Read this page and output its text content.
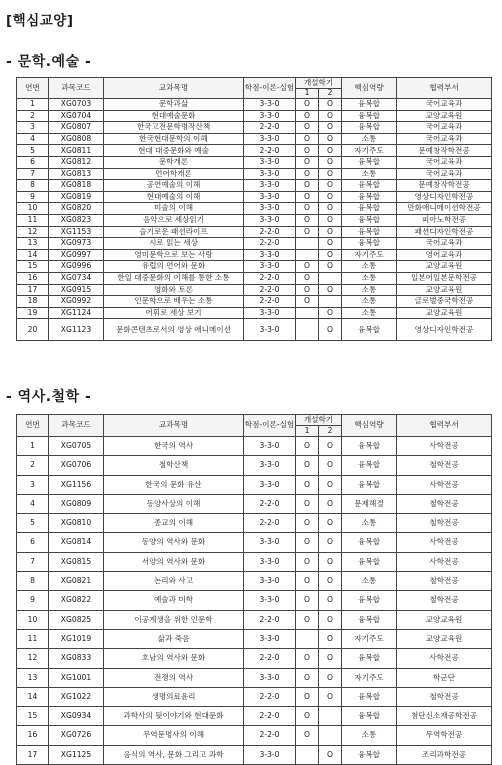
[핵심교양]
- 문학.예술 -
연번	과목코드	교과목명	학점-이론-실험	개설학기		핵심역량	협력부서
				1	2		
1	XG0703	문학과삶	3-3-0	O	O	융복합	국어교육과
2	XG0704	현대예술문화	3-3-0	O	O	융복합	교양교육원
3	XG0807	한국고전문학명작산책	2-2-0	O	O	융복합	국어교육과
4	XG0808	한국현대문학의 이해	3-3-0	O	O	소통	국어교육과
5	XG0811	현대 대중문화와 예술	2-2-0	O	O	자기주도	문예창작학전공
6	XG0812	문학개론	3-3-0	O	O	융복합	국어교육과
7	XG0813	언어학개론	3-3-0	O	O	소통	국어교육과
8	XG0818	공연예술의 이해	3-3-0	O	O	융복합	문예창작학전공
9	XG0819	현대예술의 이해	3-3-0	O	O	융복합	영상디자인학전공
10	XG0820	미술의 이해	3-3-0	O	O	융복합	만화애니메이션학전공
11	XG0823	음악으로 세상읽기	3-3-0	O	O	융복합	피아노학전공
12	XG1153	슬기로운 패션라이프	2-2-0	O	O	융복합	패션디자인학전공
13	XG0973	시로 읽는 세상	2-2-0		O	융복합	국어교육과
14	XG0997	영미문학으로 보는 사랑	3-3-0		O	자기주도	영어교육과
15	XG0996	유럽의 언어와 문화	3-3-0	O	O	소통	교양교육원
16	XG0734	한일 대중문화의 이해를 통한 소통	2-2-0	O		소통	일본어일본문학전공
17	XG0915	영화와 토론	2-2-0	O	O	소통	교양교육원
18	XG0992	인문학으로 배우는 소통	2-2-0	O		소통	글로벌중국학전공
19	XG1124	어휘로 세상 보기	3-3-0		O	소통	교양교육원
20	XG1123	문화콘텐츠로서의 영상 애니메이션	3-3-0		O	융복합	영상디자인학전공
- 역사.철학 -
연번	과목코드	교과목명	학점-이론-실험	개설학기		핵심역량	협력부서
				1	2		
1	XG0705	한국의 역사	3-3-0	O	O	융복합	사학전공
2	XG0706	철학산책	3-3-0	O	O	융복합	철학전공
3	XG1156	한국의 문화 유산	3-3-0	O	O	융복합	사학전공
4	XG0809	동양사상의 이해	2-2-0	O	O	문제해결	철학전공
5	XG0810	종교의 이해	2-2-0	O	O	소통	철학전공
6	XG0814	동양의 역사와 문화	3-3-0	O	O	융복합	사학전공
7	XG0815	서양의 역사와 문화	3-3-0	O	O	융복합	사학전공
8	XG0821	논리와 사고	3-3-0	O	O	소통	철학전공
9	XG0822	예술과 미학	3-3-0	O	O	융복합	철학전공
10	XG0825	이공계생을 위한 인문학	2-2-0	O	O	융복합	교양교육원
11	XG1019	삶과 죽음	3-3-0		O	자기주도	교양교육원
12	XG0833	호남의 역사와 문화	2-2-0	O	O	융복합	사학전공
13	XG1001	전쟁의 역사	3-3-0	O	O	자기주도	학군단
14	XG1022	생명의료윤리	2-2-0	O	O	융복합	철학전공
15	XG0934	과학사의 뒷이야기와 현대문화	2-2-0	O		융복합	첨단신소재공학전공
16	XG0726	무역문명사의 이해	2-2-0	O		소통	무역학전공
17	XG1125	음식의 역사, 문화 그리고 과학	3-3-0		O	융복합	조리과학전공
